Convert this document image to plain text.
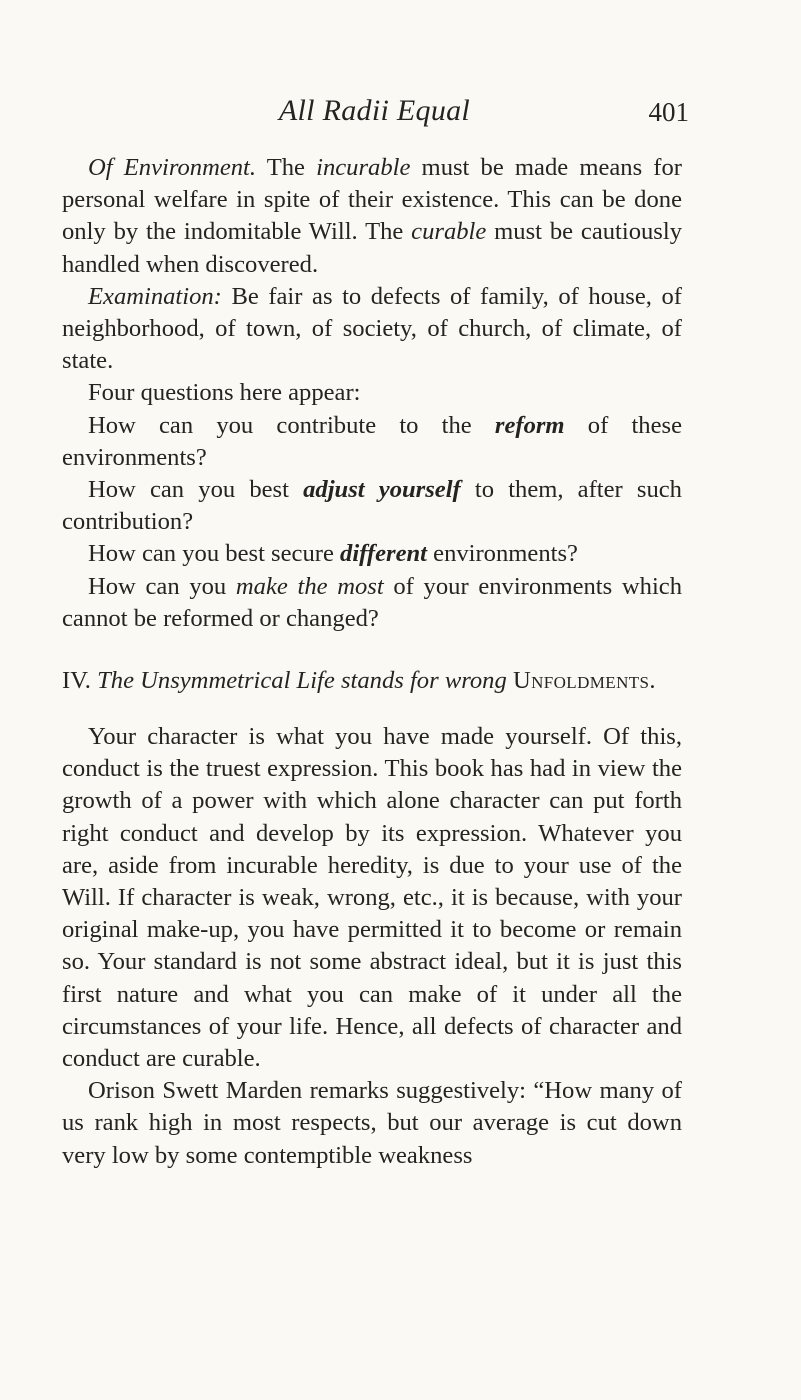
All Radii Equal	401

Of Environment. The incurable must be made means for personal welfare in spite of their existence. This can be done only by the indomitable Will. The curable must be cautiously handled when discovered.

Examination: Be fair as to defects of family, of house, of neighborhood, of town, of society, of church, of climate, of state.

Four questions here appear:

How can you contribute to the reform of these environments?

How can you best adjust yourself to them, after such contribution?

How can you best secure different environments?

How can you make the most of your environments which cannot be reformed or changed?

IV. The Unsymmetrical Life stands for wrong Unfoldments.

Your character is what you have made yourself. Of this, conduct is the truest expression. This book has had in view the growth of a power with which alone character can put forth right conduct and develop by its expression. Whatever you are, aside from incurable heredity, is due to your use of the Will. If character is weak, wrong, etc., it is because, with your original make-up, you have permitted it to become or remain so. Your standard is not some abstract ideal, but it is just this first nature and what you can make of it under all the circumstances of your life. Hence, all defects of character and conduct are curable.

Orison Swett Marden remarks suggestively: “How many of us rank high in most respects, but our average is cut down very low by some contemptible weakness
